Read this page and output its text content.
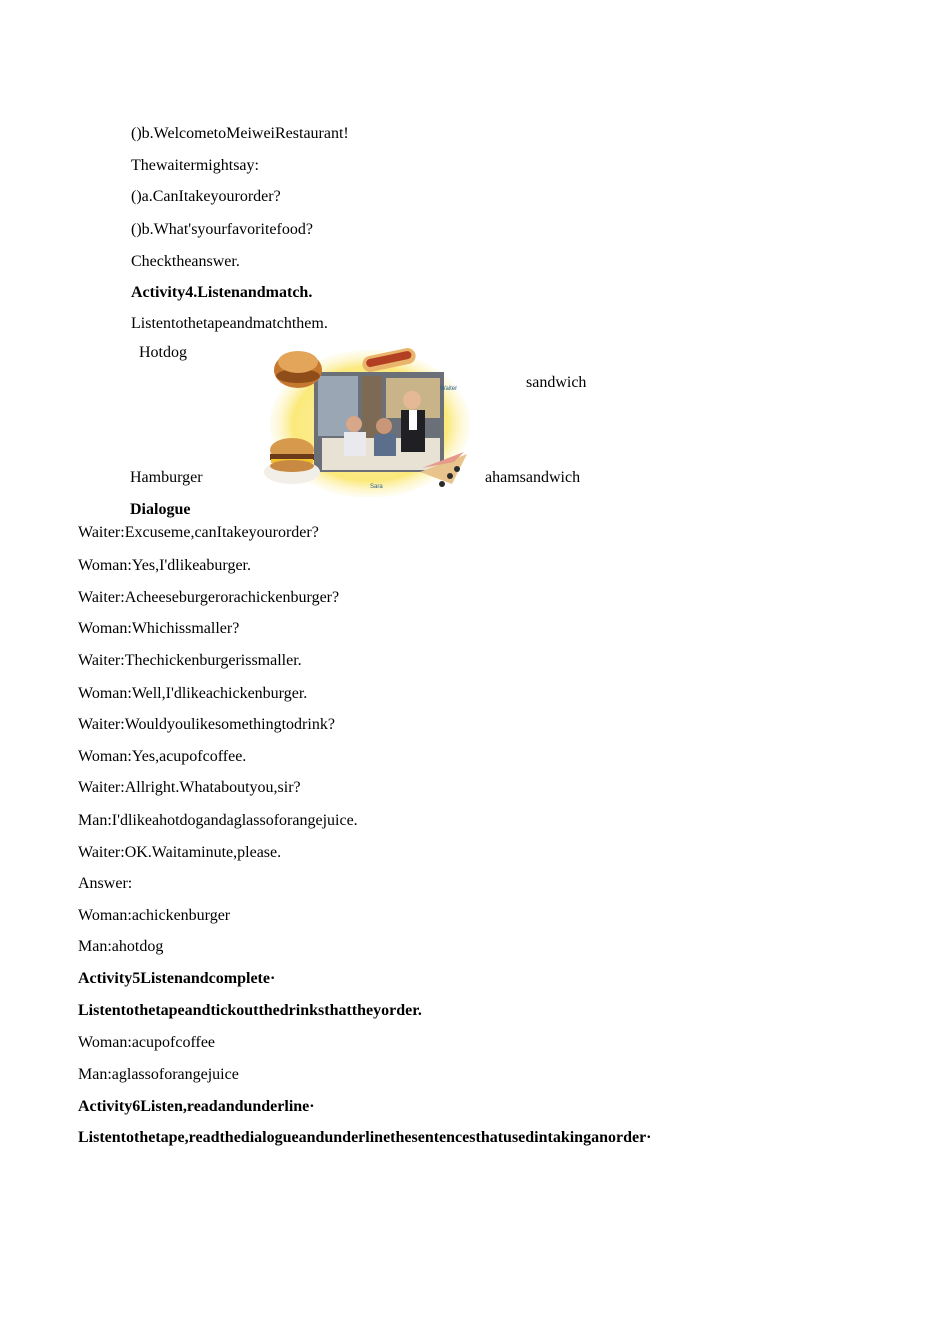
()b.WelcometoMeiweiRestaurant!
Thewaitermightsay:
()a.CanItakeyourorder?
()b.What'syourfavoritefood?
Checktheanswer.
Activity4.Listenandmatch.
Listentothetapeandmatchthem.
Hotdog
sandwich
Hamburger	ahamsandwich
Waiter
Sara
Dialogue
Waiter:Excuseme,canItakeyourorder?
Woman:Yes,I'dlikeaburger.
Waiter:Acheeseburgerorachickenburger?
Woman:Whichissmaller?
Waiter:Thechickenburgerissmaller.
Woman:Well,I'dlikeachickenburger.
Waiter:Wouldyoulikesomethingtodrink?
Woman:Yes,acupofcoffee.
Waiter:Allright.Whataboutyou,sir?
Man:I'dlikeahotdogandaglassoforangejuice.
Waiter:OK.Waitaminute,please.
Answer:
Woman:achickenburger
Man:ahotdog
Activity5Listenandcomplete·
Listentothetapeandtickoutthedrinksthattheyorder.
Woman:acupofcoffee
Man:aglassoforangejuice
Activity6Listen,readandunderline·
Listentothetape,readthedialogueandunderlinethesentencesthatusedintakinganorder·
